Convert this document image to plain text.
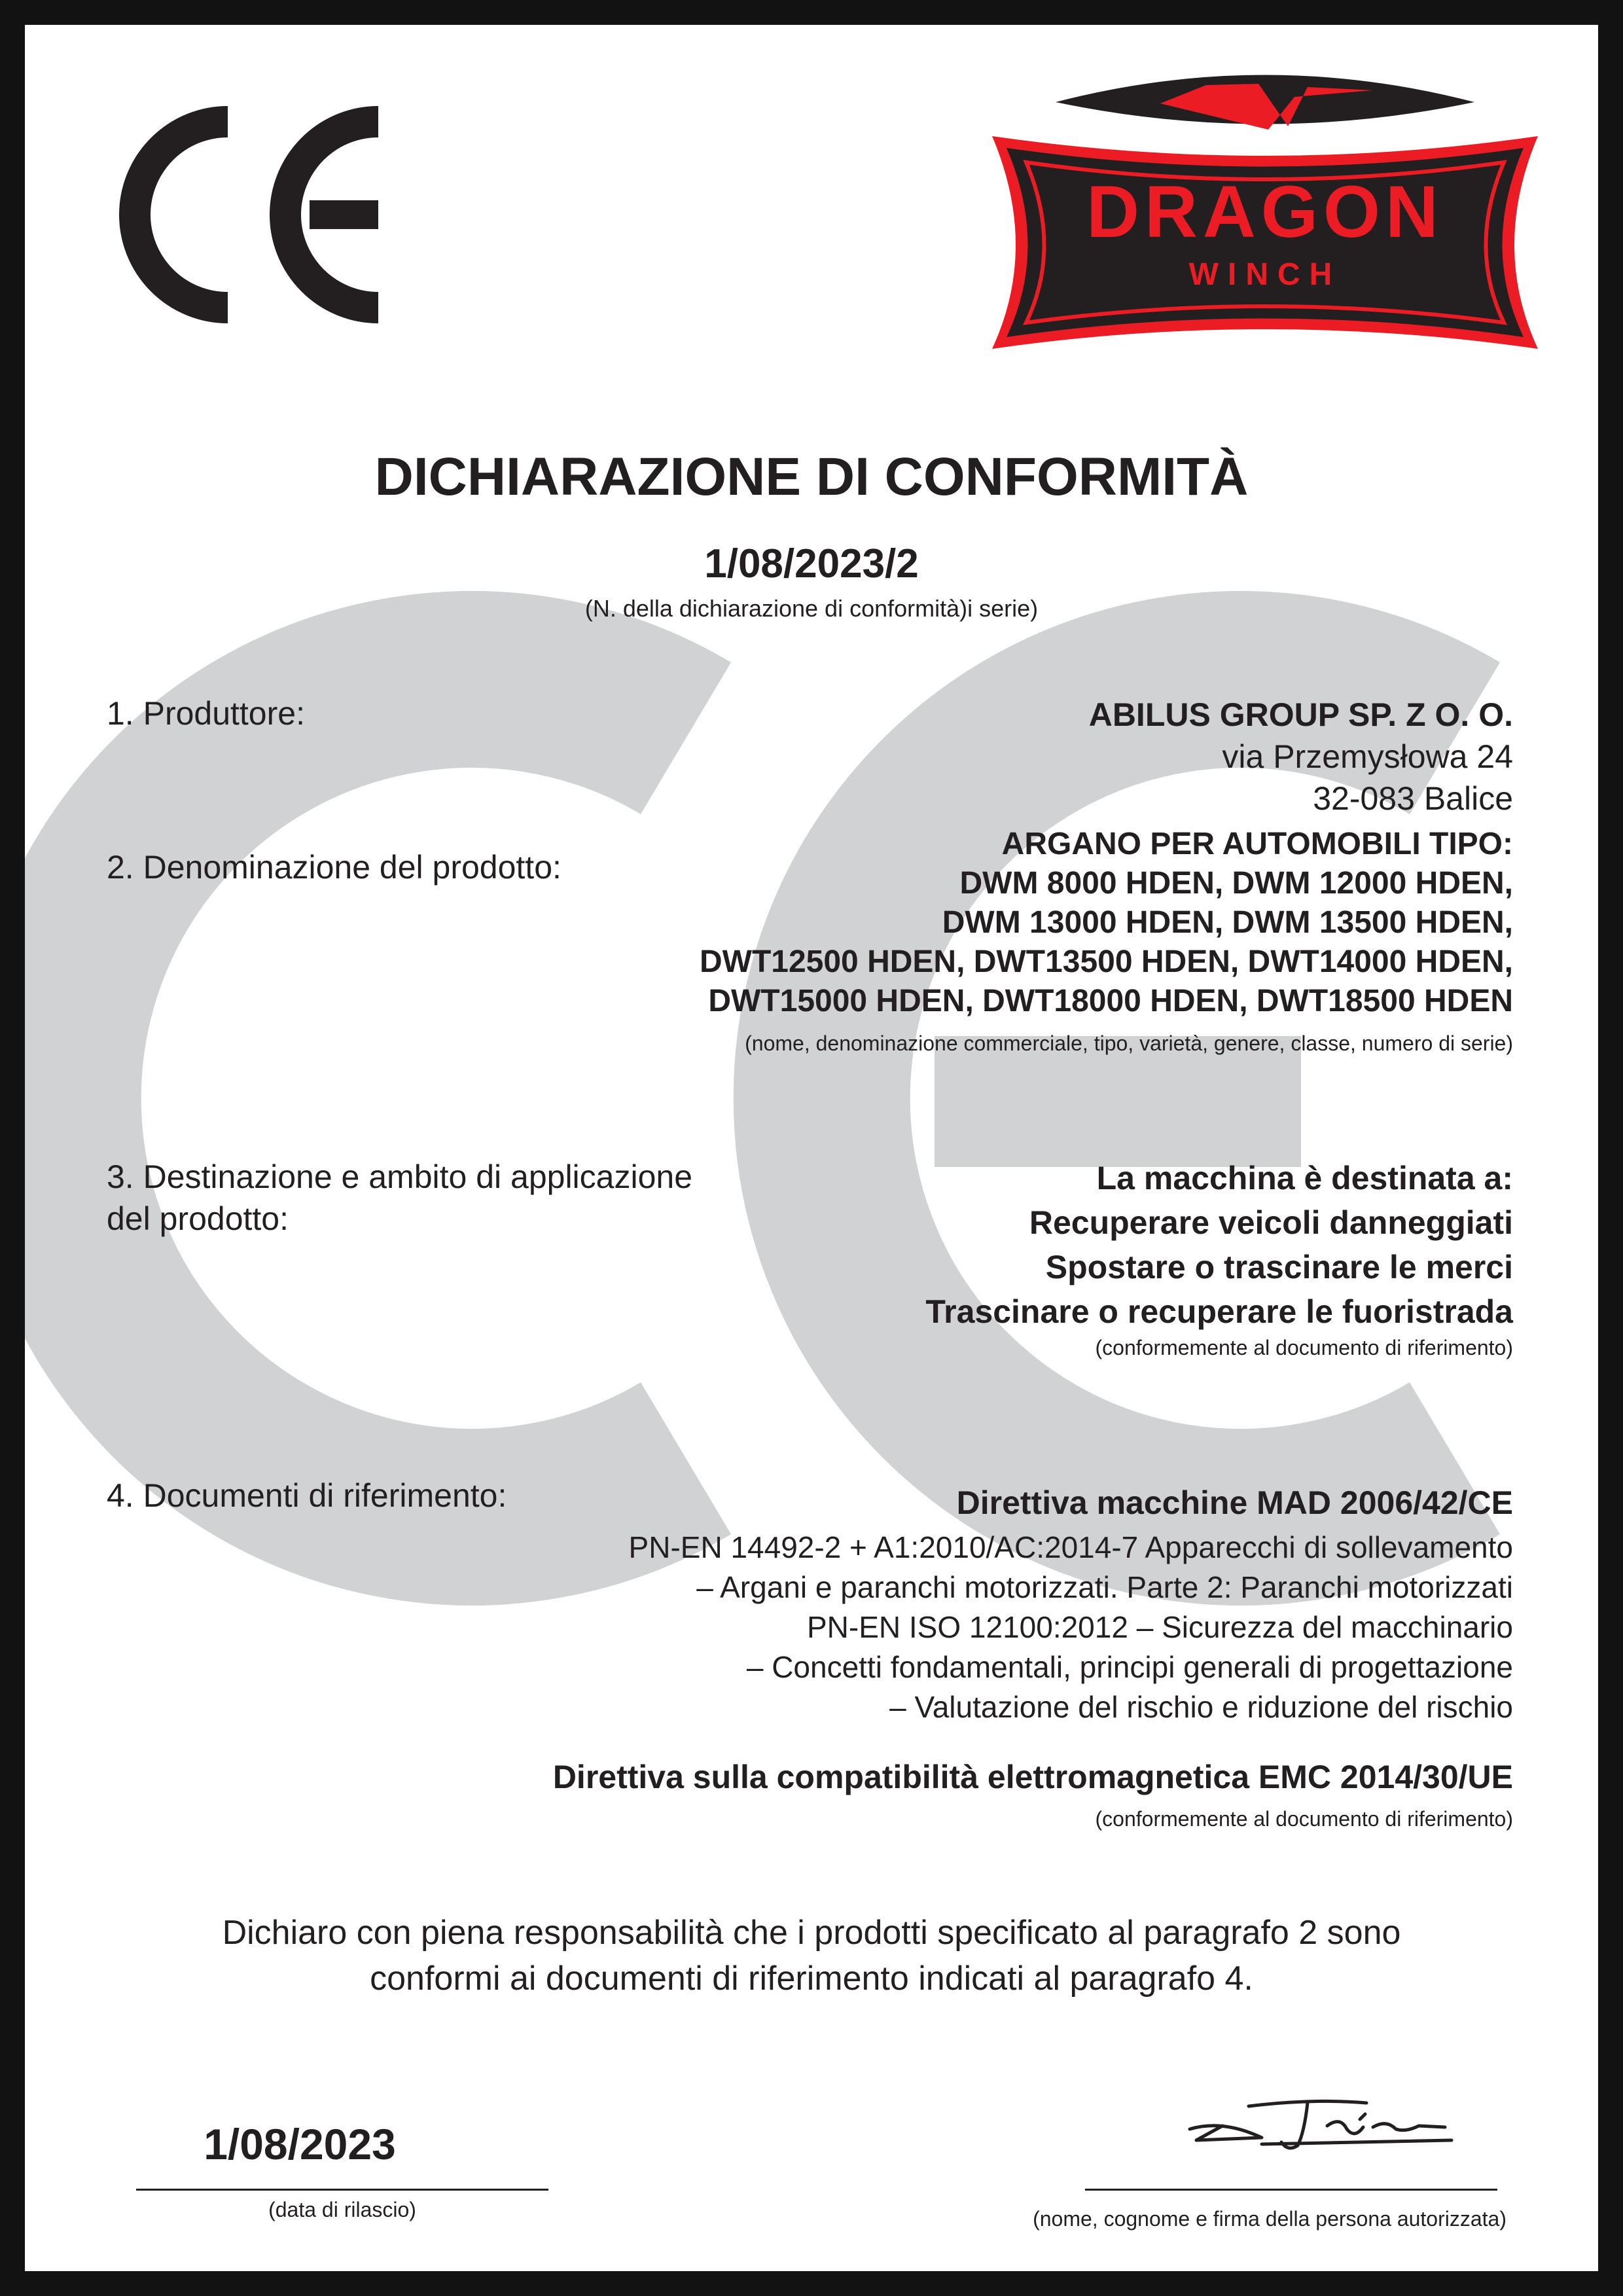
DRAGON
WINCH
DICHIARAZIONE DI CONFORMITÀ
1/08/2023/2
(N. della dichiarazione di conformità)i serie)
1. Produttore:	ABILUS GROUP SP. Z O. O.
via Przemysłowa 24
32-083 Balice
2. Denominazione del prodotto:
ARGANO PER AUTOMOBILI TIPO:
DWM 8000 HDEN, DWM 12000 HDEN,
DWM 13000 HDEN, DWM 13500 HDEN,
DWT12500 HDEN, DWT13500 HDEN, DWT14000 HDEN,
DWT15000 HDEN, DWT18000 HDEN, DWT18500 HDEN
(nome, denominazione commerciale, tipo, varietà, genere, classe, numero di serie)
3. Destinazione e ambito di applicazione
del prodotto:
La macchina è destinata a:
Recuperare veicoli danneggiati
Spostare o trascinare le merci
Trascinare o recuperare le fuoristrada
(conformemente al documento di riferimento)
4. Documenti di riferimento:	Direttiva macchine MAD 2006/42/CE
PN-EN 14492-2 + A1:2010/AC:2014-7 Apparecchi di sollevamento
– Argani e paranchi motorizzati. Parte 2: Paranchi motorizzati
PN-EN ISO 12100:2012 – Sicurezza del macchinario
– Concetti fondamentali, principi generali di progettazione
– Valutazione del rischio e riduzione del rischio
Direttiva sulla compatibilità elettromagnetica EMC 2014/30/UE
(conformemente al documento di riferimento)
Dichiaro con piena responsabilità che i prodotti specificato al paragrafo 2 sono
conformi ai documenti di riferimento indicati al paragrafo 4.
1/08/2023
(data di rilascio)	(nome, cognome e firma della persona autorizzata)
